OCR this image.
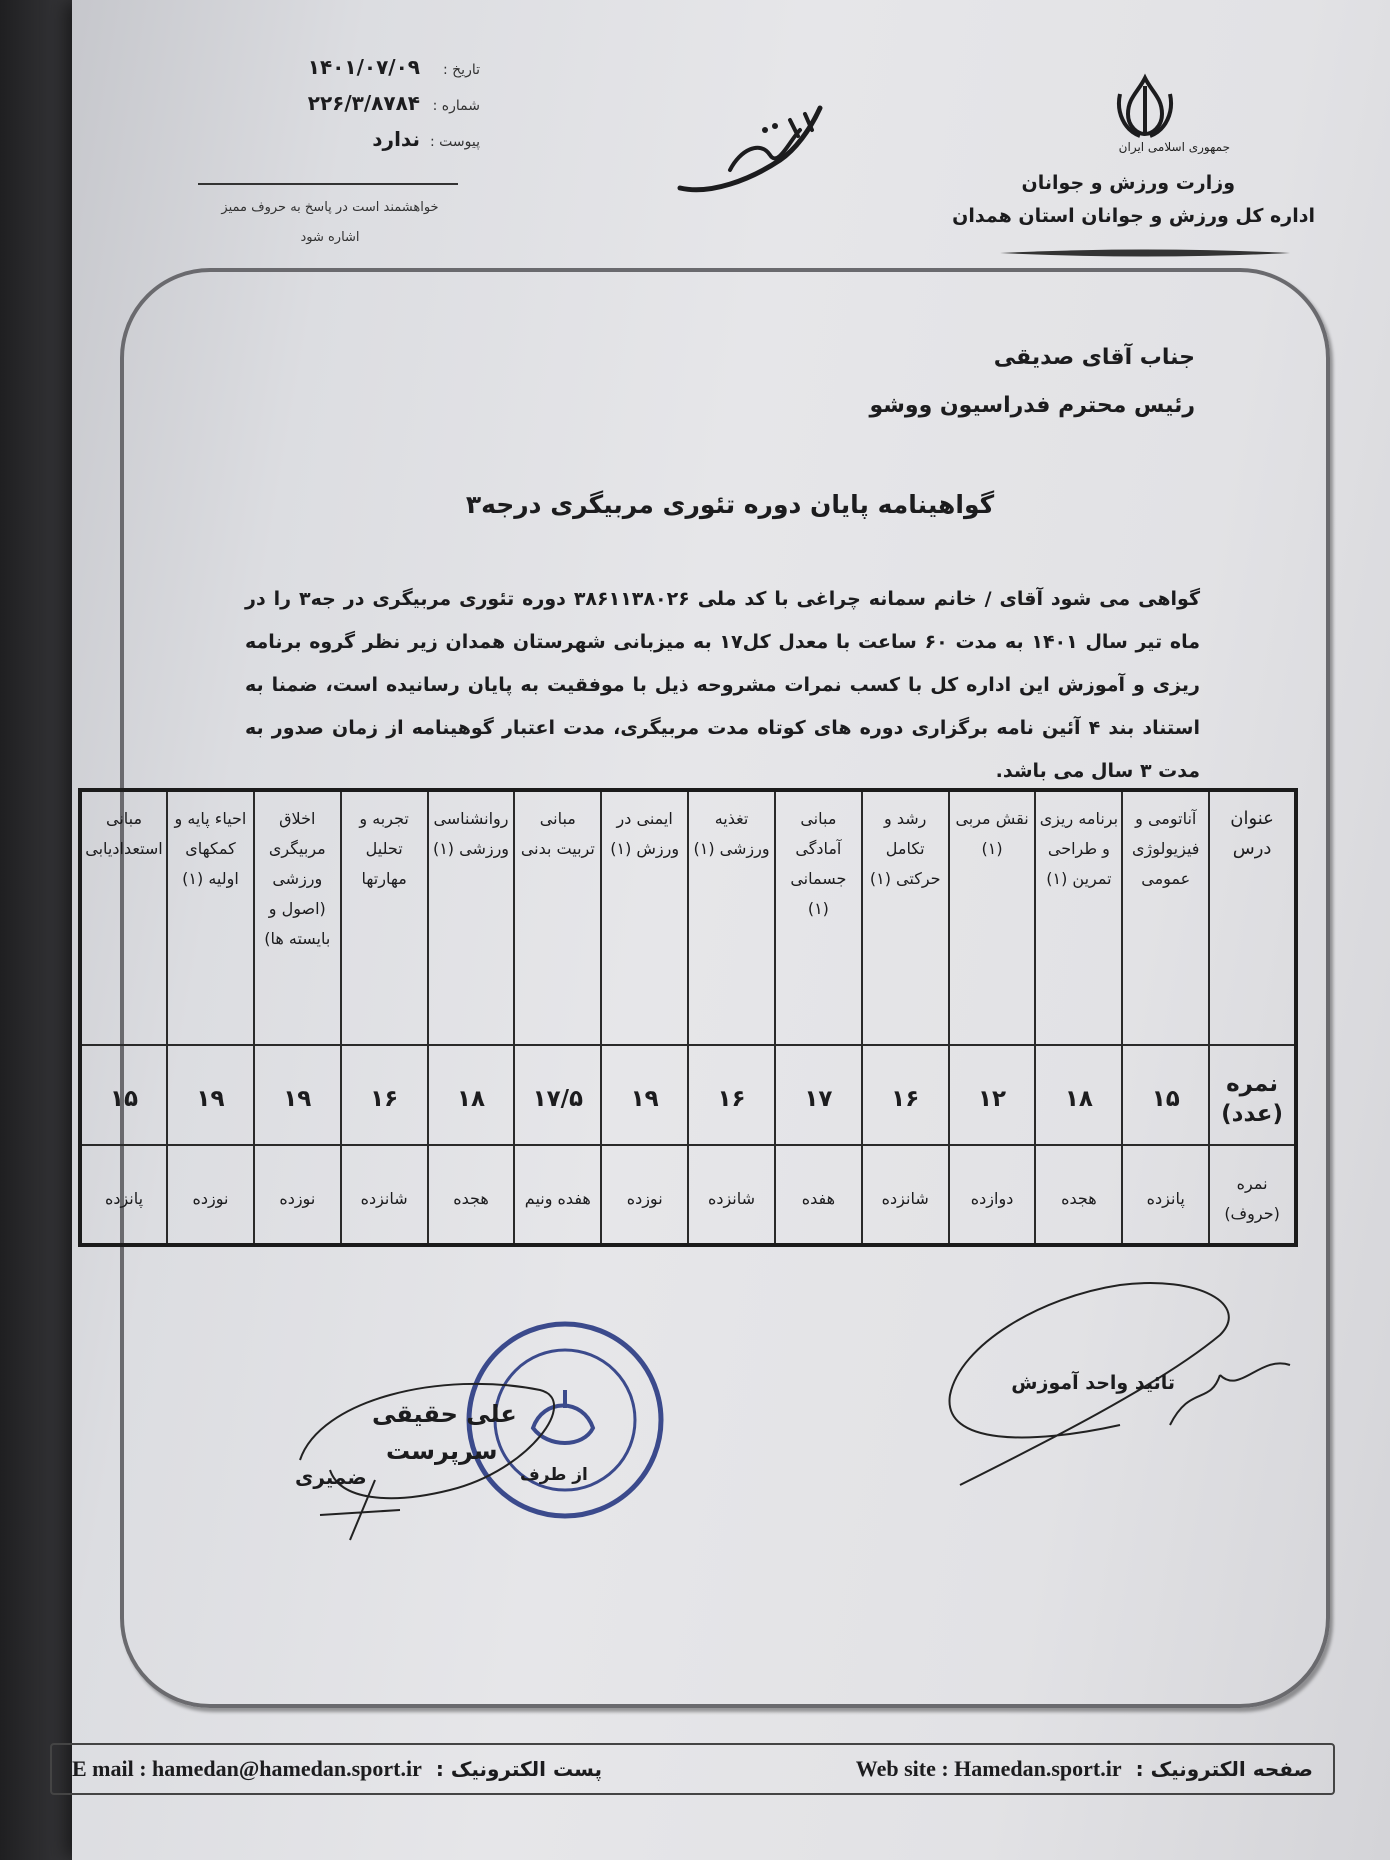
جمهوری اسلامی ایران
وزارت ورزش و جوانان
اداره کل ورزش و جوانان استان همدان
تاریخ :
۱۴۰۱/۰۷/۰۹
شماره :
۲۲۶/۳/۸۷۸۴
پیوست :
ندارد
خواهشمند است در پاسخ به حروف ممیز
اشاره شود
جناب آقای صدیقی
رئیس محترم فدراسیون ووشو
گواهینامه پایان دوره تئوری مربیگری درجه۳
گواهی می شود آقای / خانم سمانه چراغی با کد ملی ۳۸۶۱۱۳۸۰۲۶ دوره تئوری مربیگری در جه۳ را در ماه تیر سال ۱۴۰۱ به مدت ۶۰ ساعت با معدل کل۱۷ به میزبانی شهرستان همدان زیر نظر گروه برنامه ریزی و آموزش این اداره کل با کسب نمرات مشروحه ذیل با موفقیت به پایان رسانیده است، ضمنا به استناد بند ۴ آئین نامه برگزاری دوره های کوتاه مدت مربیگری، مدت اعتبار گوهینامه از زمان صدور به مدت ۳ سال می باشد.
عنوان درس	آناتومی و فیزیولوژی عمومی	برنامه ریزی و طراحی تمرین (۱)	نقش مربی (۱)	رشد و تکامل حرکتی (۱)	مبانی آمادگی جسمانی (۱)	تغذیه ورزشی (۱)	ایمنی در ورزش (۱)	مبانی تربیت بدنی	روانشناسی ورزشی (۱)	تجربه و تحلیل مهارتها	اخلاق مربیگری ورزشی (اصول و بایسته ها)	احیاء پایه و کمکهای اولیه (۱)	مبانی استعدادیابی
نمره (عدد)	۱۵	۱۸	۱۲	۱۶	۱۷	۱۶	۱۹	۱۷/۵	۱۸	۱۶	۱۹	۱۹	۱۵
نمره (حروف)	پانزده	هجده	دوازده	شانزده	هفده	شانزده	نوزده	هفده ونیم	هجده	شانزده	نوزده	نوزده	پانزده
تائید واحد آموزش
علی حقیقی
سرپرست
از طرف
ضمیری
صفحه الکترونیک :
Web site : Hamedan.sport.ir
پست الکترونیک :
E mail : hamedan@hamedan.sport.ir
